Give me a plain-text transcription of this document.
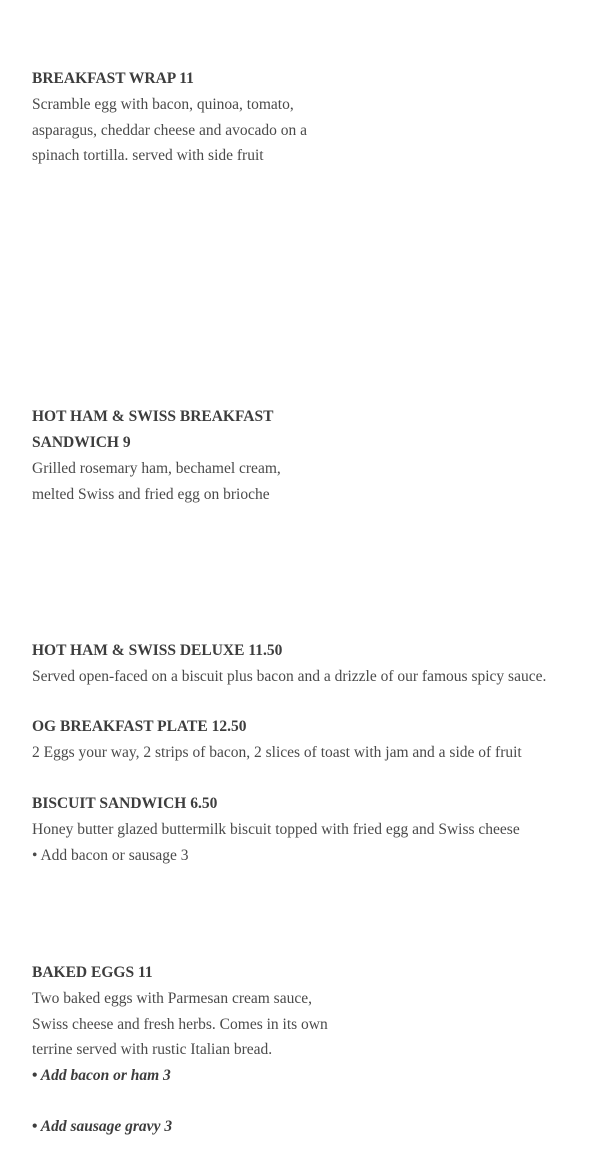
BREAKFAST WRAP 11

Scramble egg with bacon, quinoa, tomato, asparagus, cheddar cheese and avocado on a spinach tortilla. served with side fruit

HOT HAM & SWISS BREAKFAST SANDWICH 9

Grilled rosemary ham, bechamel cream, melted Swiss and fried egg on brioche

HOT HAM & SWISS DELUXE 11.50

Served open-faced on a biscuit plus bacon and a drizzle of our famous spicy sauce.

OG BREAKFAST PLATE 12.50

2 Eggs your way, 2 strips of bacon, 2 slices of toast with jam and a side of fruit

BISCUIT SANDWICH 6.50

Honey butter glazed buttermilk biscuit topped with fried egg and Swiss cheese

• Add bacon or sausage 3

BAKED EGGS 11

Two baked eggs with Parmesan cream sauce, Swiss cheese and fresh herbs. Comes in its own terrine served with rustic Italian bread.

• Add bacon or ham 3

• Add sausage gravy 3
